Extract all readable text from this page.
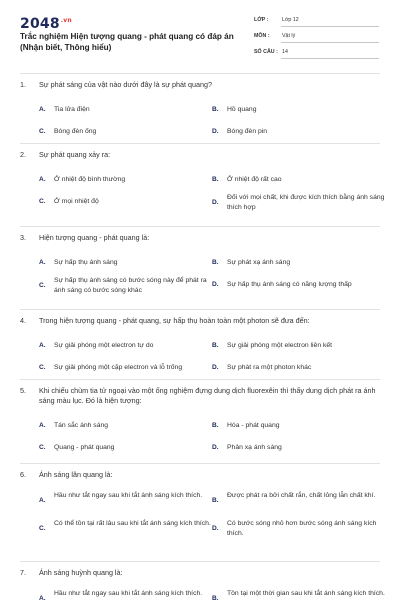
$2048^{.vn}$
Trắc nghiệm Hiện tượng quang - phát quang có đáp án (Nhận biết, Thông hiểu)
LỚP :	Lớp 12
MÔN : Vật lý
SỐ CÂU : 14
1. Sự phát sáng của vật nào dưới đây là sự phát quang?
A. Tia lửa điện	B. Hồ quang
C. Bóng đèn ống	D. Bóng đèn pin
2. Sự phát quang xảy ra:
A. Ở nhiệt độ bình thường	B. Ở nhiệt độ rất cao
C. Ở mọi nhiệt độ	D.
Đối với mọi chất, khi được kích thích bằng ánh sáng thích hợp
3. Hiện tượng quang - phát quang là:
A. Sự hấp thụ ánh sáng	B. Sự phát xạ ánh sáng
C.
Sự hấp thụ ánh sáng có bước sóng này để phát ra ánh sáng có bước sóng khác
D. Sự hấp thụ ánh sáng có năng lượng thấp
4. Trong hiện tượng quang - phát quang, sự hấp thụ hoàn toàn một photon sẽ đưa đến:
A. Sự giải phóng một electron tự do	B. Sự giải phóng một electron liên kết
C. Sự giải phóng một cặp electron và lỗ trống	D. Sự phát ra một photon khác
5. Khi chiếu chùm tia tử ngoại vào một ống nghiệm đựng dung dịch fluorexêin thì thấy dung dịch phát ra ánh sáng màu lục. Đó là hiện tượng:
A. Tán sắc ánh sáng	B. Hóa - phát quang
C. Quang - phát quang	D. Phản xạ ánh sáng
6. Ánh sáng lân quang là:
A.
Hầu như tắt ngay sau khi tắt ánh sáng kích thích.
B.
Được phát ra bởi chất rắn, chất lỏng lẫn chất khí.
C.
Có thể tồn tại rất lâu sau khi tắt ánh sáng kích thích.
D.
Có bước sóng nhỏ hơn bước sóng ánh sáng kích thích.
7. Ánh sáng huỳnh quang là:
A.
Hầu như tắt ngay sau khi tắt ánh sáng kích thích.
B.
Tồn tại một thời gian sau khi tắt ánh sáng kích thích.
